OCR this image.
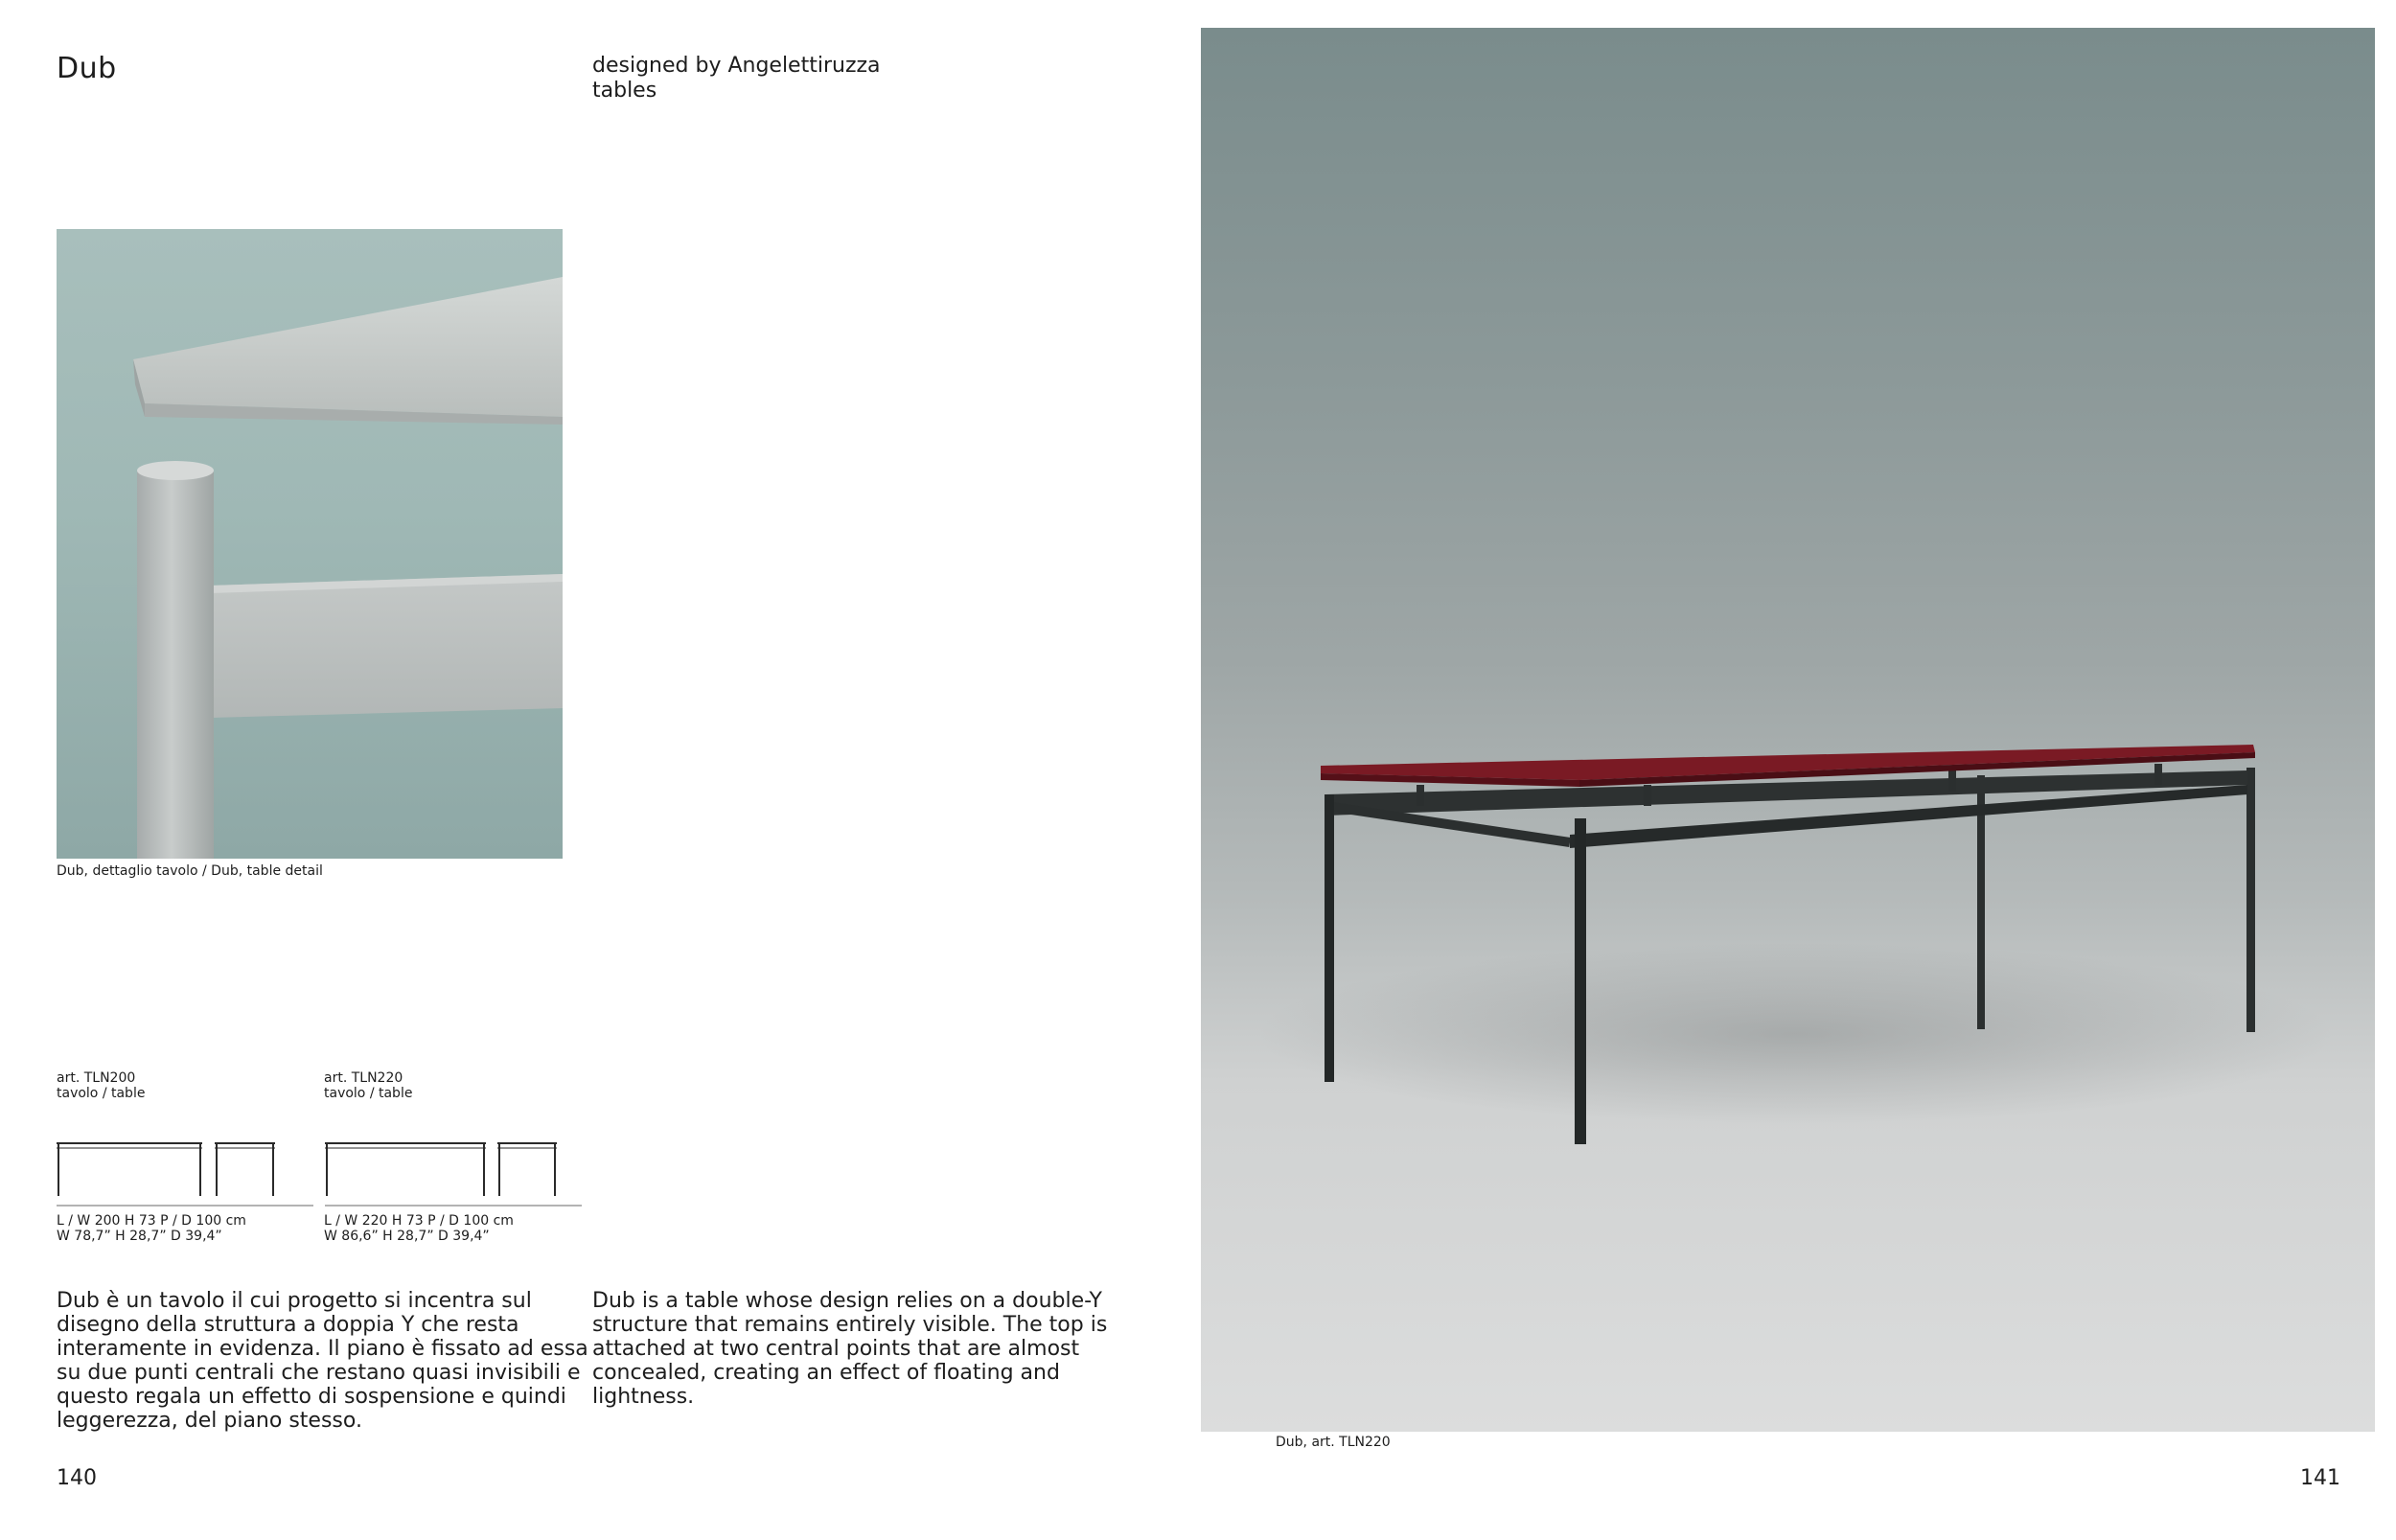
Dub	designed by Angelettiruzza
tables
Dub, dettaglio tavolo / Dub, table detail
art. TLN200
tavolo / table
art. TLN220
tavolo / table
L / W 200 H 73 P / D 100 cm
W 78,7” H 28,7” D 39,4”
L / W 220 H 73 P / D 100 cm
W 86,6” H 28,7” D 39,4”
Dub è un tavolo il cui progetto si incentra sul disegno della struttura a doppia Y che resta interamente in evidenza. Il piano è fissato ad essa su due punti centrali che restano quasi invisibili e questo regala un effetto di sospensione e quindi leggerezza, del piano stesso.
Dub is a table whose design relies on a double-Y structure that remains entirely visible. The top is attached at two central points that are almost concealed, creating an effect of floating and lightness.
140	141
Dub, art. TLN220
